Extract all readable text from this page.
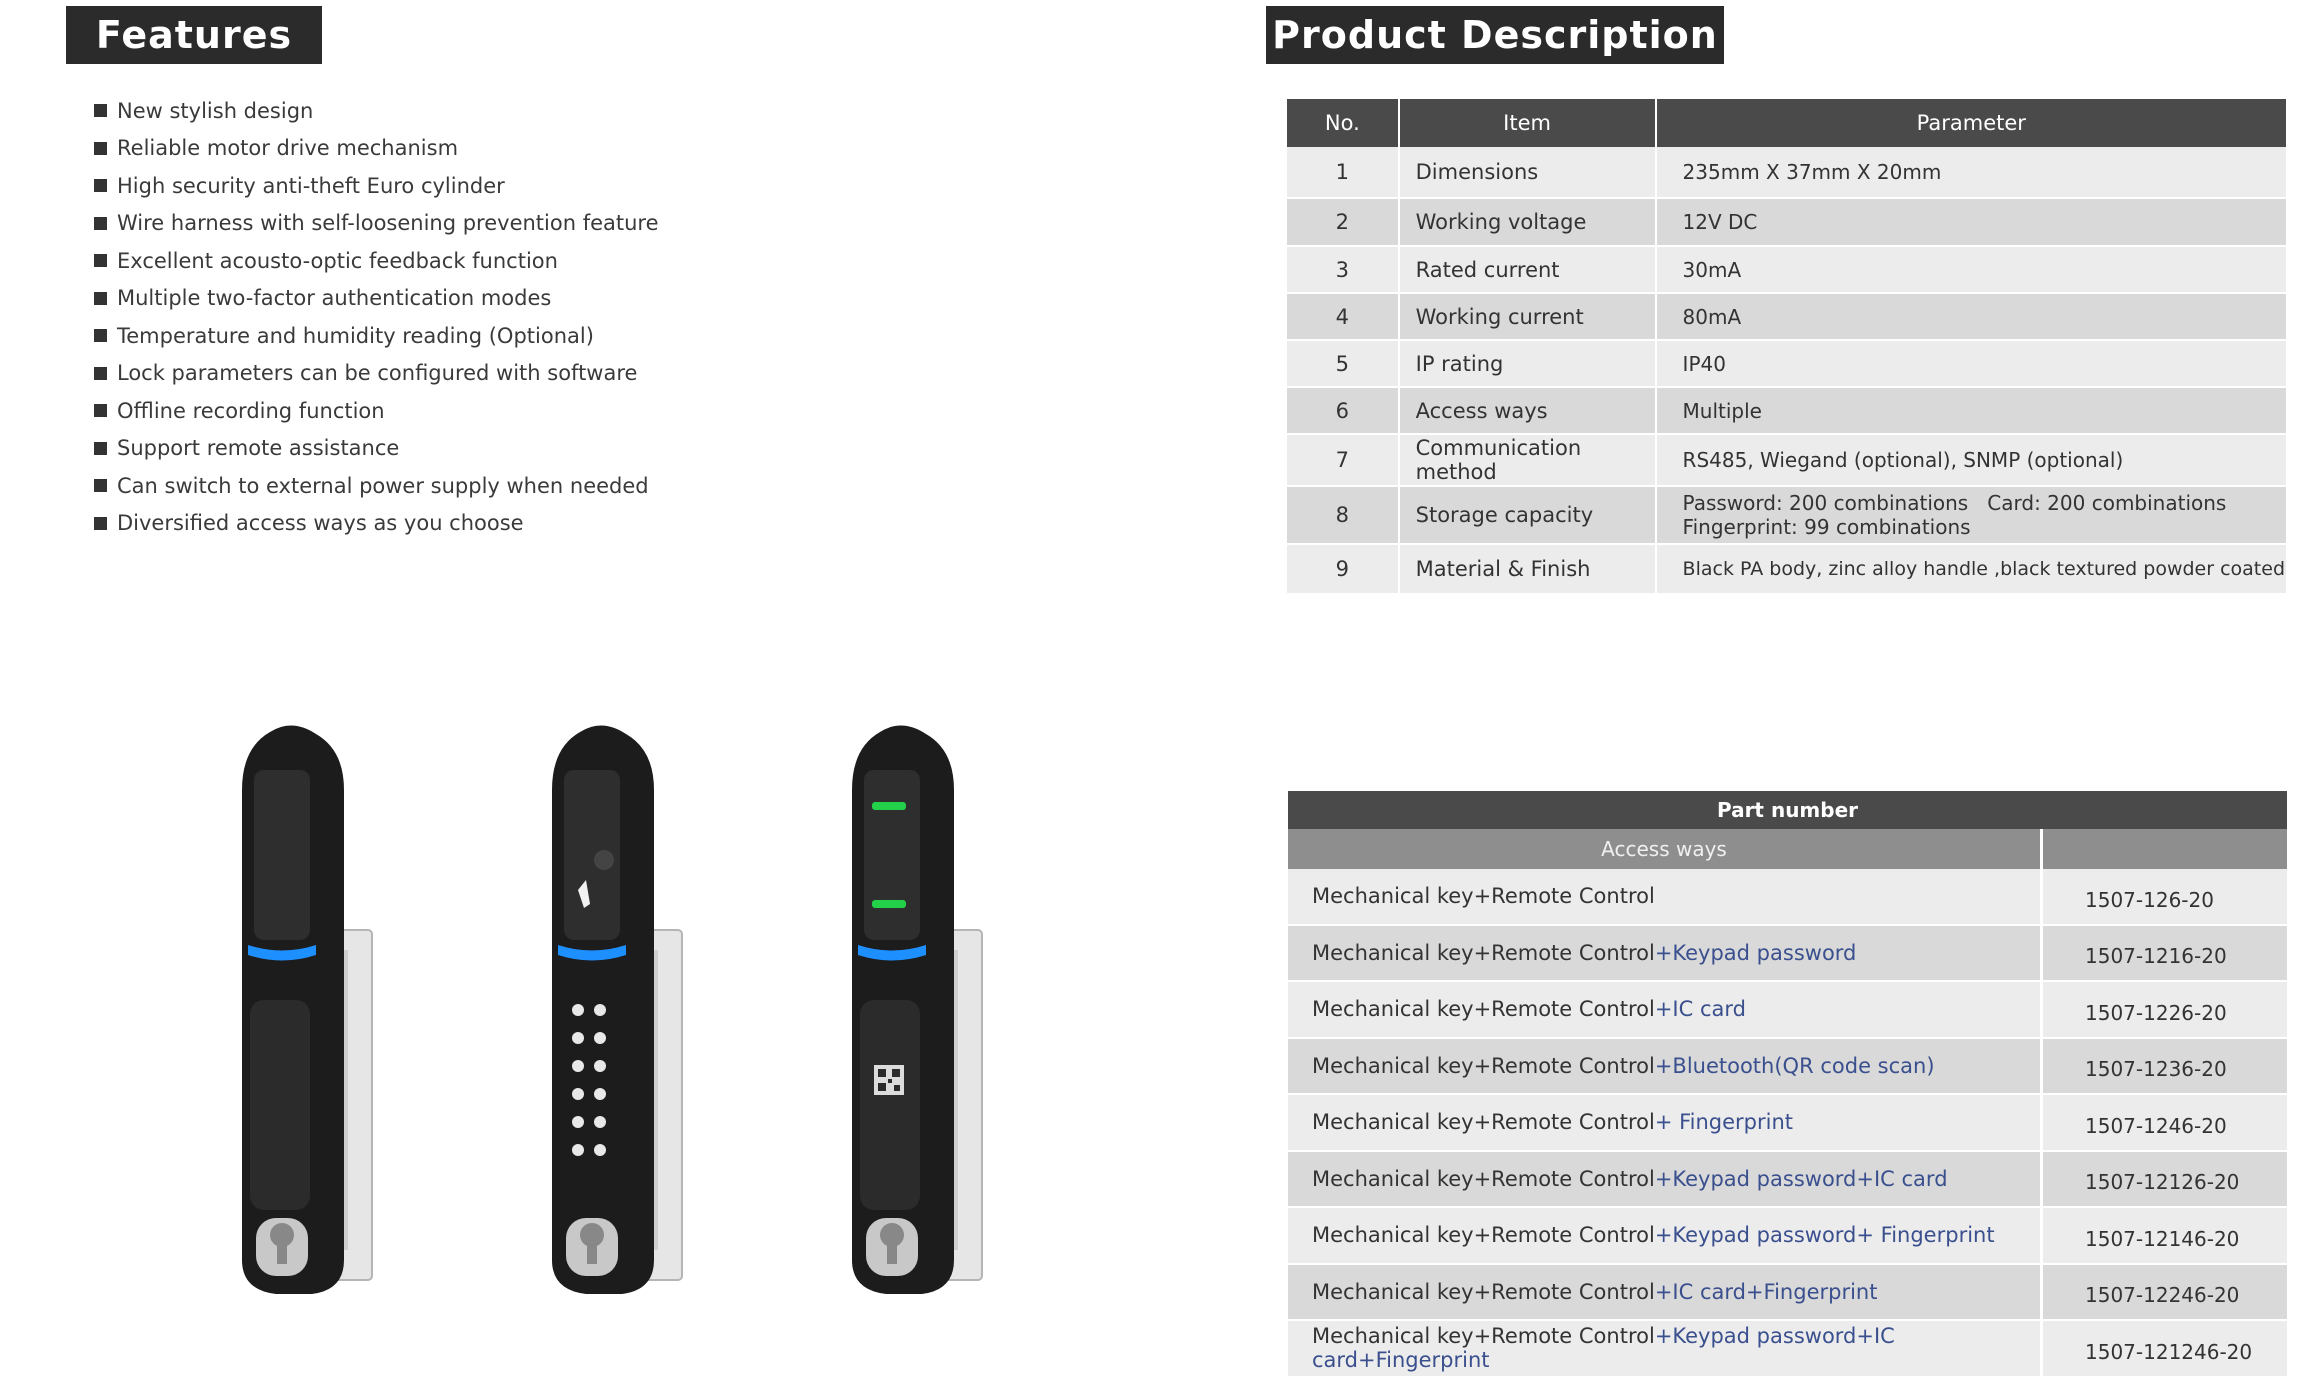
Features
New stylish design
Reliable motor drive mechanism
High security anti-theft Euro cylinder
Wire harness with self-loosening prevention feature
Excellent acousto-optic feedback function
Multiple two-factor authentication modes
Temperature and humidity reading (Optional)
Lock parameters can be configured with software
Offline recording function
Support remote assistance
Can switch to external power supply when needed
Diversified access ways as you choose
Product Description
No.	Item	Parameter
1	Dimensions	235mm X 37mm X 20mm
2	Working voltage	12V DC
3	Rated current	30mA
4	Working current	80mA
5	IP rating	IP40
6	Access ways	Multiple
7	Communication method	RS485, Wiegand (optional), SNMP (optional)
8	Storage capacity	Password: 200 combinations   Card: 200 combinations
Fingerprint: 99 combinations

9	Material & Finish	Black PA body, zinc alloy handle ,black textured powder coated
Part number	
Access ways	
Mechanical key+Remote Control	1507-126-20
Mechanical key+Remote Control+Keypad password	1507-1216-20
Mechanical key+Remote Control+IC card	1507-1226-20
Mechanical key+Remote Control+Bluetooth(QR code scan)	1507-1236-20
Mechanical key+Remote Control+ Fingerprint	1507-1246-20
Mechanical key+Remote Control+Keypad password+IC card	1507-12126-20
Mechanical key+Remote Control+Keypad password+ Fingerprint	1507-12146-20
Mechanical key+Remote Control+IC card+Fingerprint	1507-12246-20
Mechanical key+Remote Control+Keypad password+IC card+Fingerprint	1507-121246-20
